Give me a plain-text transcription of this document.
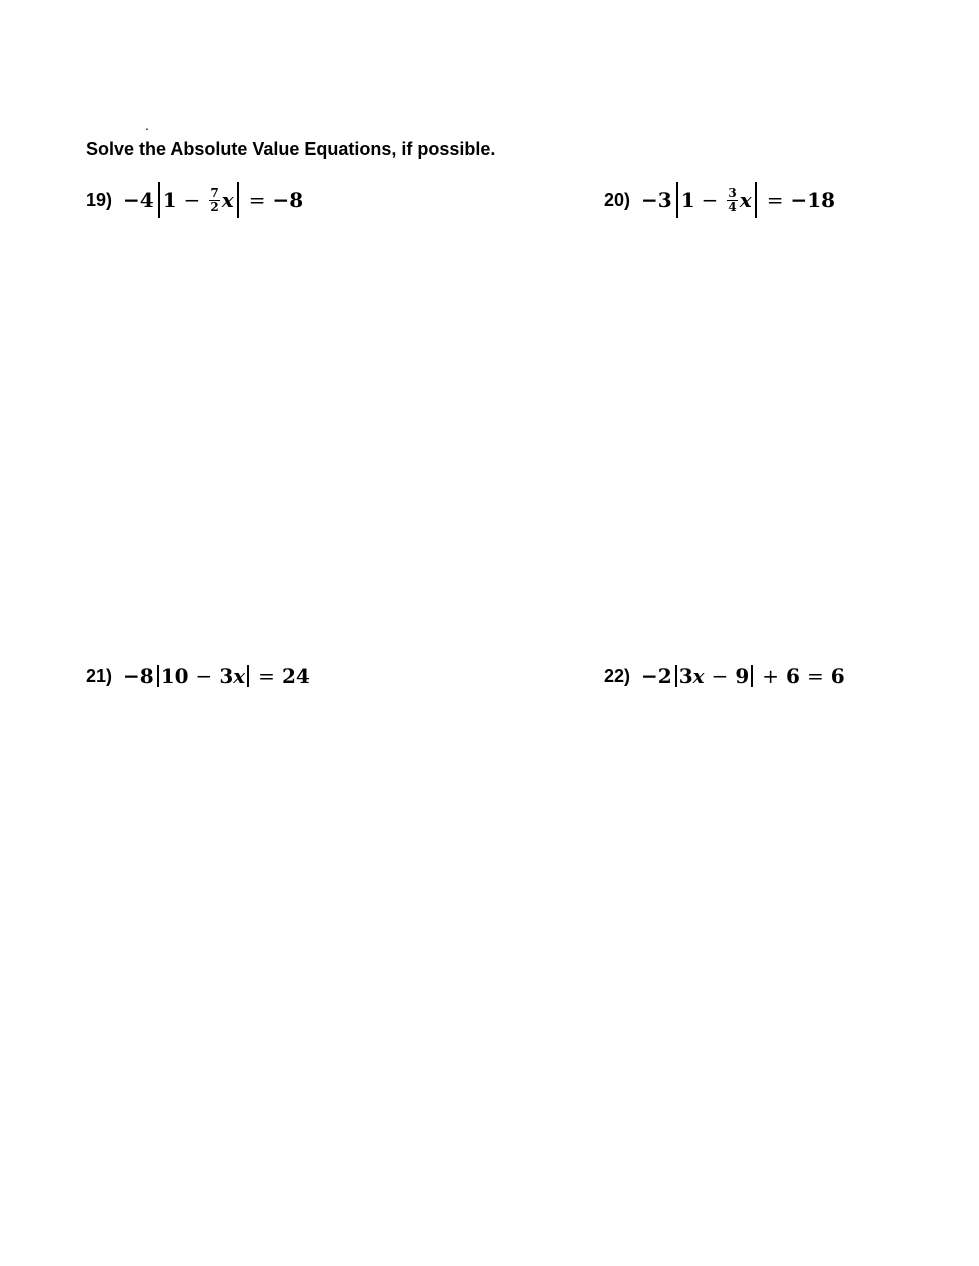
.
Solve the Absolute Value Equations, if possible.
19) −4 $1 - \frac{7}{2}$ x = −8	20) −3 $1 - \frac{3}{4}$ x = −18
21) −8 10 − 3 x = 24	22) −2 3 x − 9 + 6 = 6
